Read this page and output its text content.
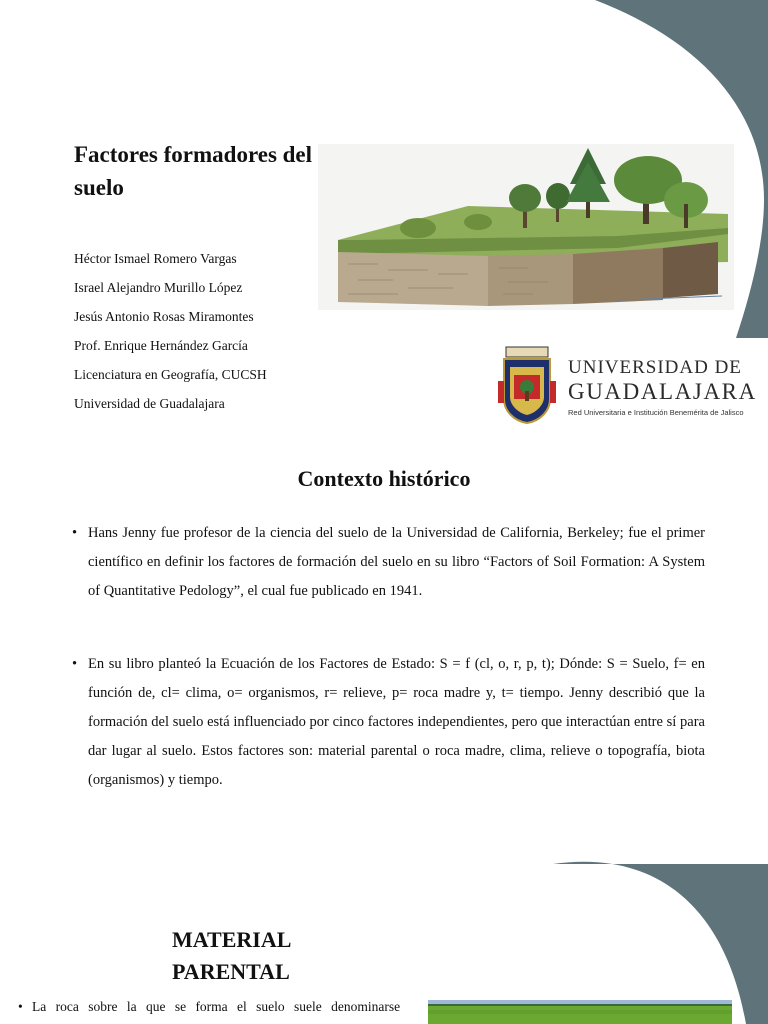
Factores formadores del suelo
Héctor Ismael Romero Vargas
Israel Alejandro Murillo López
Jesús Antonio Rosas Miramontes
Prof. Enrique Hernández García
Licenciatura en Geografía, CUCSH
Universidad de Guadalajara
UNIVERSIDAD DE
GUADALAJARA
Red Universitaria e Institución Benemérita de Jalisco
Contexto histórico

• Hans Jenny fue profesor de la ciencia del suelo de la Universidad de California, Berkeley; fue el primer científico en definir los factores de formación del suelo en su libro “Factors of Soil Formation: A System of Quantitative Pedology”, el cual fue publicado en 1941.

• En su libro planteó la Ecuación de los Factores de Estado: S = f (cl, o, r, p, t); Dónde: S = Suelo, f= en función de, cl= clima, o= organismos, r= relieve, p= roca madre y, t= tiempo. Jenny describió que la formación del suelo está influenciado por cinco factores independientes, pero que interactúan entre sí para dar lugar al suelo. Estos factores son: material parental o roca madre, clima, relieve o topografía, biota (organismos) y tiempo.

MATERIAL PARENTAL

• La roca sobre la que se forma el suelo suele denominarse
